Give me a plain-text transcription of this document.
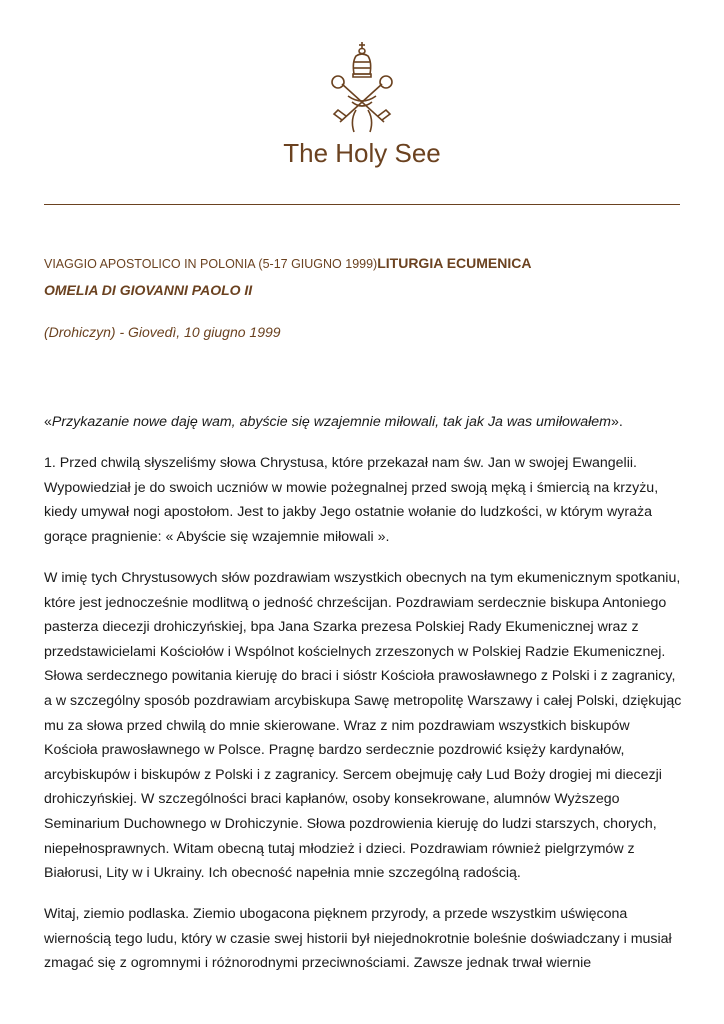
The Holy See
VIAGGIO APOSTOLICO IN POLONIA (5-17 GIUGNO 1999)LITURGIA ECUMENICA
OMELIA DI GIOVANNI PAOLO II
(Drohiczyn) - Giovedì, 10 giugno 1999

«Przykazanie nowe daję wam, abyście się wzajemnie miłowali, tak jak Ja was umiłowałem».

1. Przed chwilą słyszeliśmy słowa Chrystusa, które przekazał nam św. Jan w swojej Ewangelii. Wypowiedział je do swoich uczniów w mowie pożegnalnej przed swoją męką i śmiercią na krzyżu, kiedy umywał nogi apostołom. Jest to jakby Jego ostatnie wołanie do ludzkości, w którym wyraża gorące pragnienie: « Abyście się wzajemnie miłowali ».

W imię tych Chrystusowych słów pozdrawiam wszystkich obecnych na tym ekumenicznym spotkaniu, które jest jednocześnie modlitwą o jedność chrześcijan. Pozdrawiam serdecznie biskupa Antoniego pasterza diecezji drohiczyńskiej, bpa Jana Szarka prezesa Polskiej Rady Ekumenicznej wraz z przedstawicielami Kościołów i Wspólnot kościelnych zrzeszonych w Polskiej Radzie Ekumenicznej. Słowa serdecznego powitania kieruję do braci i sióstr Kościoła prawosławnego z Polski i z zagranicy, a w szczególny sposób pozdrawiam arcybiskupa Sawę metropolitę Warszawy i całej Polski, dziękując mu za słowa przed chwilą do mnie skierowane. Wraz z nim pozdrawiam wszystkich biskupów Kościoła prawosławnego w Polsce. Pragnę bardzo serdecznie pozdrowić księży kardynałów, arcybiskupów i biskupów z Polski i z zagranicy. Sercem obejmuję cały Lud Boży drogiej mi diecezji drohiczyńskiej. W szczególności braci kapłanów, osoby konsekrowane, alumnów Wyższego Seminarium Duchownego w Drohiczynie. Słowa pozdrowienia kieruję do ludzi starszych, chorych, niepełnosprawnych. Witam obecną tutaj młodzież i dzieci. Pozdrawiam również pielgrzymów z Białorusi, Lity w i Ukrainy. Ich obecność napełnia mnie szczególną radością.

Witaj, ziemio podlaska. Ziemio ubogacona pięknem przyrody, a przede wszystkim uświęcona wiernością tego ludu, który w czasie swej historii był niejednokrotnie boleśnie doświadczany i musiał zmagać się z ogromnymi i różnorodnymi przeciwnościami. Zawsze jednak trwał wiernie
